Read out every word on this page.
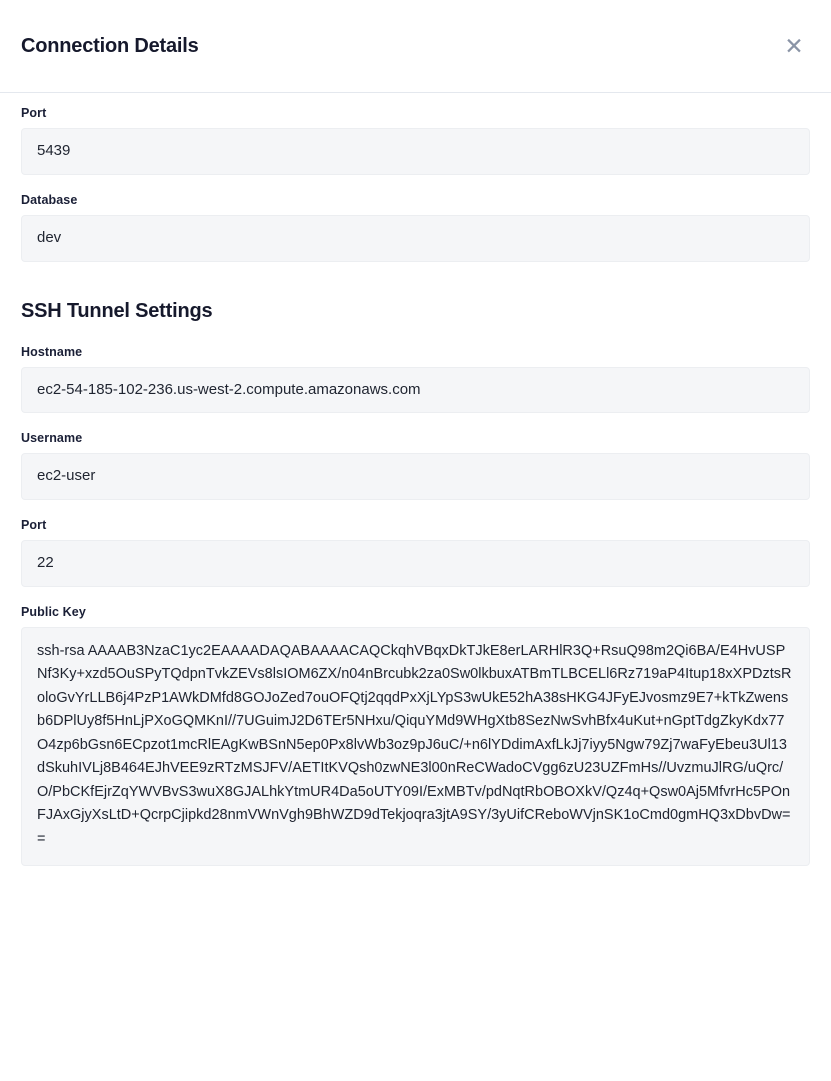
Connection Details	✕
Port
5439
Database
dev
SSH Tunnel Settings
Hostname
ec2-54-185-102-236.us-west-2.compute.amazonaws.com
Username
ec2-user
Port
22
Public Key
ssh-rsa AAAAB3NzaC1yc2EAAAADAQABAAAACAQCkqhVBqxDkTJkE8erLARHlR3Q+RsuQ98m2Qi6BA/E4HvUSPNf3Ky+xzd5OuSPyTQdpnTvkZEVs8lsIOM6ZX/n04nBrcubk2za0Sw0lkbuxATBmTLBCELl6Rz719aP4Itup18xXPDztsRoloGvYrLLB6j4PzP1AWkDMfd8GOJoZed7ouOFQtj2qqdPxXjLYpS3wUkE52hA38sHKG4JFyEJvosmz9E7+kTkZwensb6DPlUy8f5HnLjPXoGQMKnI//7UGuimJ2D6TEr5NHxu/QiquYMd9WHgXtb8SezNwSvhBfx4uKut+nGptTdgZkyKdx77O4zp6bGsn6ECpzot1mcRlEAgKwBSnN5ep0Px8lvWb3oz9pJ6uC/+n6lYDdimAxfLkJj7iyy5Ngw79Zj7waFyEbeu3Ul13dSkuhIVLj8B464EJhVEE9zRTzMSJFV/AETItKVQsh0zwNE3l00nReCWadoCVgg6zU23UZFmHs//UvzmuJlRG/uQrc/O/PbCKfEjrZqYWVBvS3wuX8GJALhkYtmUR4Da5oUTY09I/ExMBTv/pdNqtRbOBOXkV/Qz4q+Qsw0Aj5MfvrHc5POnFJAxGjyXsLtD+QcrpCjipkd28nmVWnVgh9BhWZD9dTekjoqra3jtA9SY/3yUifCReboWVjnSK1oCmd0gmHQ3xDbvDw==
